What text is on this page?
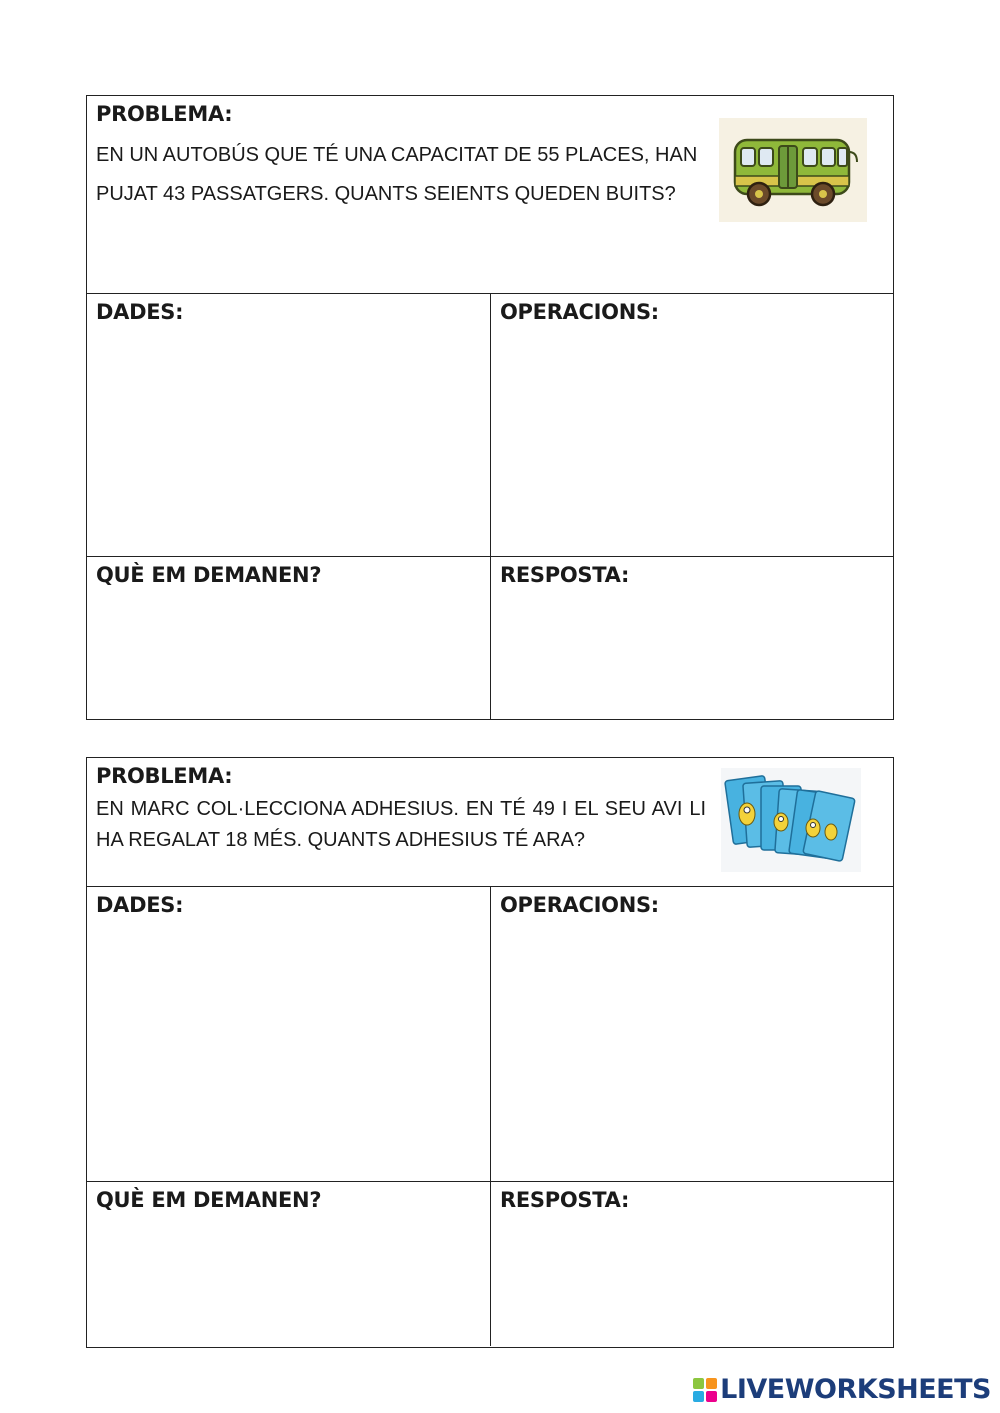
PROBLEMA:
EN UN AUTOBÚS QUE TÉ UNA CAPACITAT DE 55 PLACES, HAN PUJAT 43 PASSATGERS. QUANTS SEIENTS QUEDEN BUITS?
DADES:	OPERACIONS:
QUÈ EM DEMANEN?	RESPOSTA:
PROBLEMA:
EN MARC COL·LECCIONA ADHESIUS. EN TÉ 49 I EL SEU AVI LI HA REGALAT 18 MÉS. QUANTS ADHESIUS TÉ ARA?
DADES:	OPERACIONS:
QUÈ EM DEMANEN?	RESPOSTA:
LIVEWORKSHEETS
